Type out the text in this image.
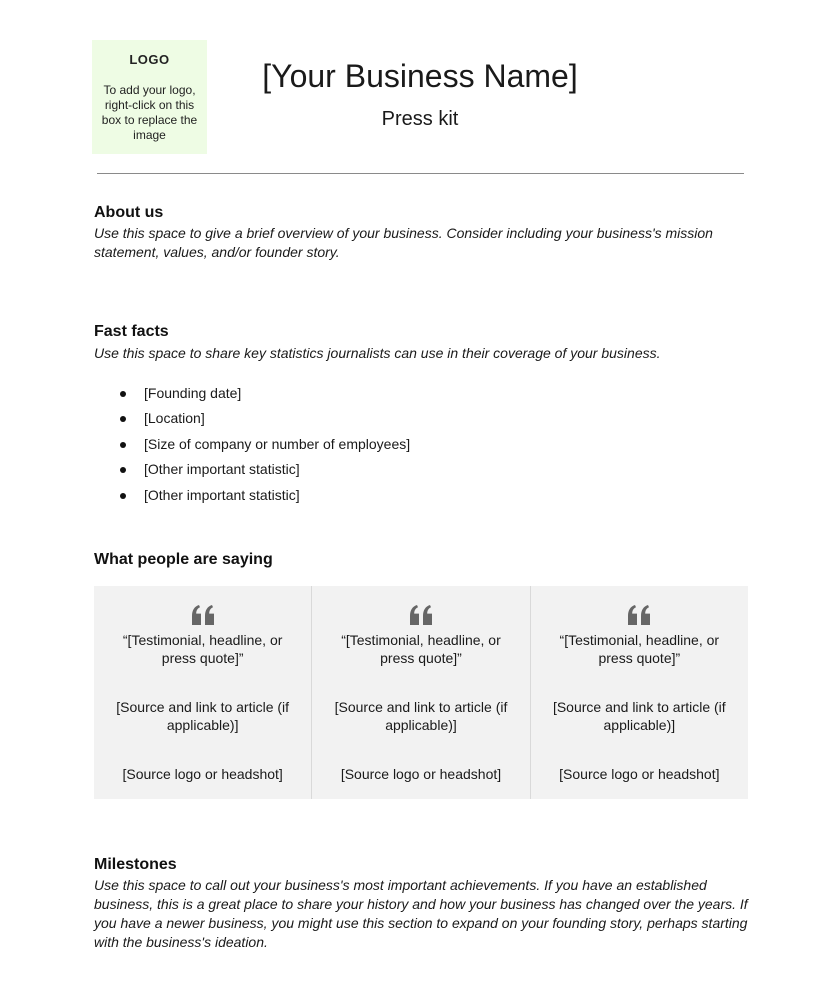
LOGO
To add your logo, right-click on this box to replace the image
[Your Business Name]
Press kit
About us
Use this space to give a brief overview of your business. Consider including your business's mission statement, values, and/or founder story.
Fast facts
Use this space to share key statistics journalists can use in their coverage of your business.
[Founding date]
[Location]
[Size of company or number of employees]
[Other important statistic]
[Other important statistic]
What people are saying
“[Testimonial, headline, or press quote]”
[Source and link to article (if applicable)]
[Source logo or headshot]
“[Testimonial, headline, or press quote]”
[Source and link to article (if applicable)]
[Source logo or headshot]
“[Testimonial, headline, or press quote]”
[Source and link to article (if applicable)]
[Source logo or headshot]
Milestones
Use this space to call out your business's most important achievements. If you have an established business, this is a great place to share your history and how your business has changed over the years. If you have a newer business, you might use this section to expand on your founding story, perhaps starting with the business's ideation.
